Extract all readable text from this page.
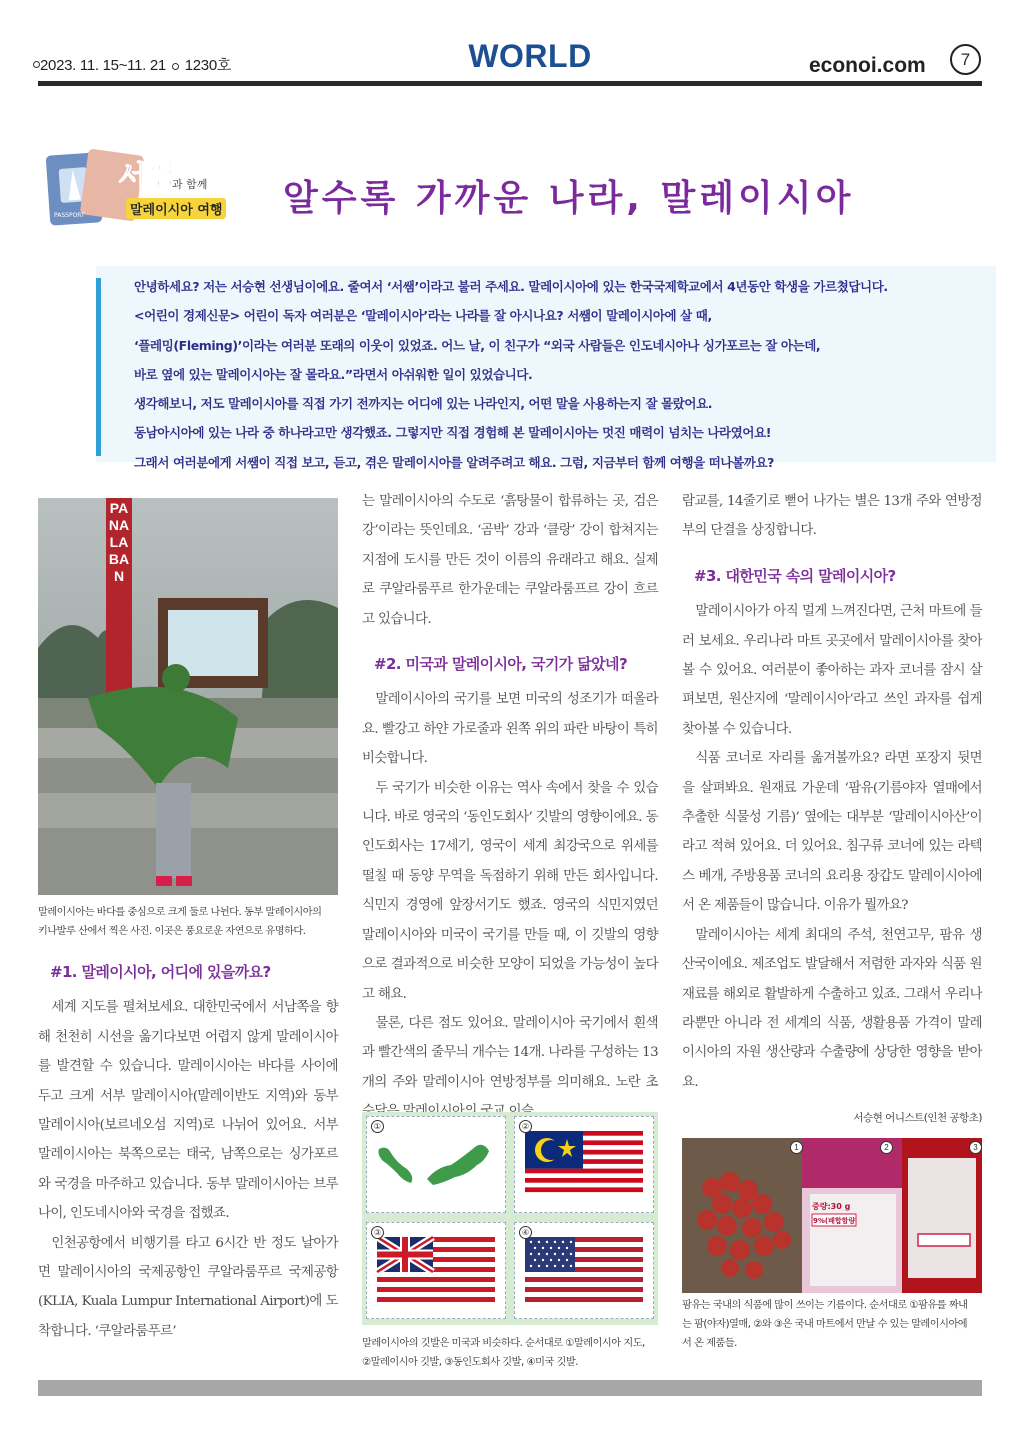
2023. 11. 15~11. 21 1230호	WORLD	econoi.com	7
PASSPORT
서쌤
과 함께
말레이시아 여행 알수록 가까운 나라, 말레이시아
안녕하세요? 저는 서승현 선생님이에요. 줄여서 ‘서쌤’이라고 불러 주세요. 말레이시아에 있는 한국국제학교에서 4년동안 학생을 가르쳤답니다.
<어린이 경제신문> 어린이 독자 여러분은 ‘말레이시아’라는 나라를 잘 아시나요? 서쌤이 말레이시아에 살 때,
‘플레밍(Fleming)’이라는 여러분 또래의 이웃이 있었죠. 어느 날, 이 친구가 “외국 사람들은 인도네시아나 싱가포르는 잘 아는데,
바로 옆에 있는 말레이시아는 잘 몰라요.”라면서 아쉬워한 일이 있었습니다.
생각해보니, 저도 말레이시아를 직접 가기 전까지는 어디에 있는 나라인지, 어떤 말을 사용하는지 잘 몰랐어요.
동남아시아에 있는 나라 중 하나라고만 생각했죠. 그렇지만 직접 경험해 본 말레이시아는 멋진 매력이 넘치는 나라였어요!
그래서 여러분에게 서쌤이 직접 보고, 듣고, 겪은 말레이시아를 알려주려고 해요. 그럼, 지금부터 함께 여행을 떠나볼까요?
PANALABAN
말레이시아는 바다를 중심으로 크게 둘로 나뉜다. 동부 말레이시아의
키나발루 산에서 찍은 사진. 이곳은 풍요로운 자연으로 유명하다.
#1. 말레이시아, 어디에 있을까요?

세계 지도를 펼쳐보세요. 대한민국에서 서남쪽을 향해 천천히 시선을 옮기다보면 어렵지 않게 말레이시아를 발견할 수 있습니다. 말레이시아는 바다를 사이에 두고 크게 서부 말레이시아(말레이반도 지역)와 동부 말레이시아(보르네오섬 지역)로 나뉘어 있어요. 서부 말레이시아는 북쪽으로는 태국, 남쪽으로는 싱가포르와 국경을 마주하고 있습니다. 동부 말레이시아는 브루나이, 인도네시아와 국경을 접했죠.

인천공항에서 비행기를 타고 6시간 반 정도 날아가면 말레이시아의 국제공항인 쿠알라룸푸르 국제공항(KLIA, Kuala Lumpur International Airport)에 도착합니다. ‘쿠알라룸푸르’

는 말레이시아의 수도로 ‘흙탕물이 합류하는 곳, 검은 강’이라는 뜻인데요. ‘곰박’ 강과 ‘클랑’ 강이 합쳐지는 지점에 도시를 만든 것이 이름의 유래라고 해요. 실제로 쿠알라룸푸르 한가운데는 쿠알라룸프르 강이 흐르고 있습니다.

#2. 미국과 말레이시아, 국기가 닮았네?

말레이시아의 국기를 보면 미국의 성조기가 떠올라요. 빨강고 하얀 가로줄과 왼쪽 위의 파란 바탕이 특히 비슷합니다.

두 국기가 비슷한 이유는 역사 속에서 찾을 수 있습니다. 바로 영국의 ‘동인도회사’ 깃발의 영향이에요. 동인도회사는 17세기, 영국이 세계 최강국으로 위세를 떨칠 때 동양 무역을 독점하기 위해 만든 회사입니다. 식민지 경영에 앞장서기도 했죠. 영국의 식민지였던 말레이시아와 미국이 국기를 만들 때, 이 깃발의 영향으로 결과적으로 비슷한 모양이 되었을 가능성이 높다고 해요.

물론, 다른 점도 있어요. 말레이시아 국기에서 흰색과 빨간색의 줄무늬 개수는 14개. 나라를 구성하는 13개의 주와 말레이시아 연방정부를 의미해요. 노란 초

①	②
③	④
말레이시아의 깃발은 미국과 비슷하다. 순서대로 ①말레이시아 지도,
②말레이시아 깃발, ③동인도회사 깃발, ④미국 깃발.

람교를, 14줄기로 뻗어 나가는 별은 13개 주와 연방정부의 단결을 상징합니다.

#3. 대한민국 속의 말레이시아?

말레이시아가 아직 멀게 느껴진다면, 근처 마트에 들러 보세요. 우리나라 마트 곳곳에서 말레이시아를 찾아볼 수 있어요. 여러분이 좋아하는 과자 코너를 잠시 살펴보면, 원산지에 ‘말레이시아’라고 쓰인 과자를 쉽게 찾아볼 수 있습니다.

식품 코너로 자리를 옮겨볼까요? 라면 포장지 뒷면을 살펴봐요. 원재료 가운데 ‘팜유(기름야자 열매에서 추출한 식물성 기름)’ 옆에는 대부분 ‘말레이시아산’이라고 적혀 있어요. 더 있어요. 침구류 코너에 있는 라텍스 베개, 주방용품 코너의 요리용 장갑도 말레이시아에서 온 제품들이 많습니다. 이유가 뭘까요?

말레이시아는 세계 최대의 주석, 천연고무, 팜유 생산국이에요. 제조업도 발달해서 저렴한 과자와 식품 원재료를 해외로 활발하게 수출하고 있죠. 그래서 우리나라뿐만 아니라 전 세계의 식품, 생활용품 가격이 말레이시아의 자원 생산량과 수출량에 상당한 영향을 받아요.

서승현 어니스트(인천 공항초)
중량:30 g
9%(배합함량
1	2	3
팜유는 국내의 식품에 많이 쓰이는 기름이다. 순서대로 ①팜유를 짜내
는 팜(야자)열매, ②와 ③은 국내 마트에서 만날 수 있는 말레이시아에
서 온 제품들.
